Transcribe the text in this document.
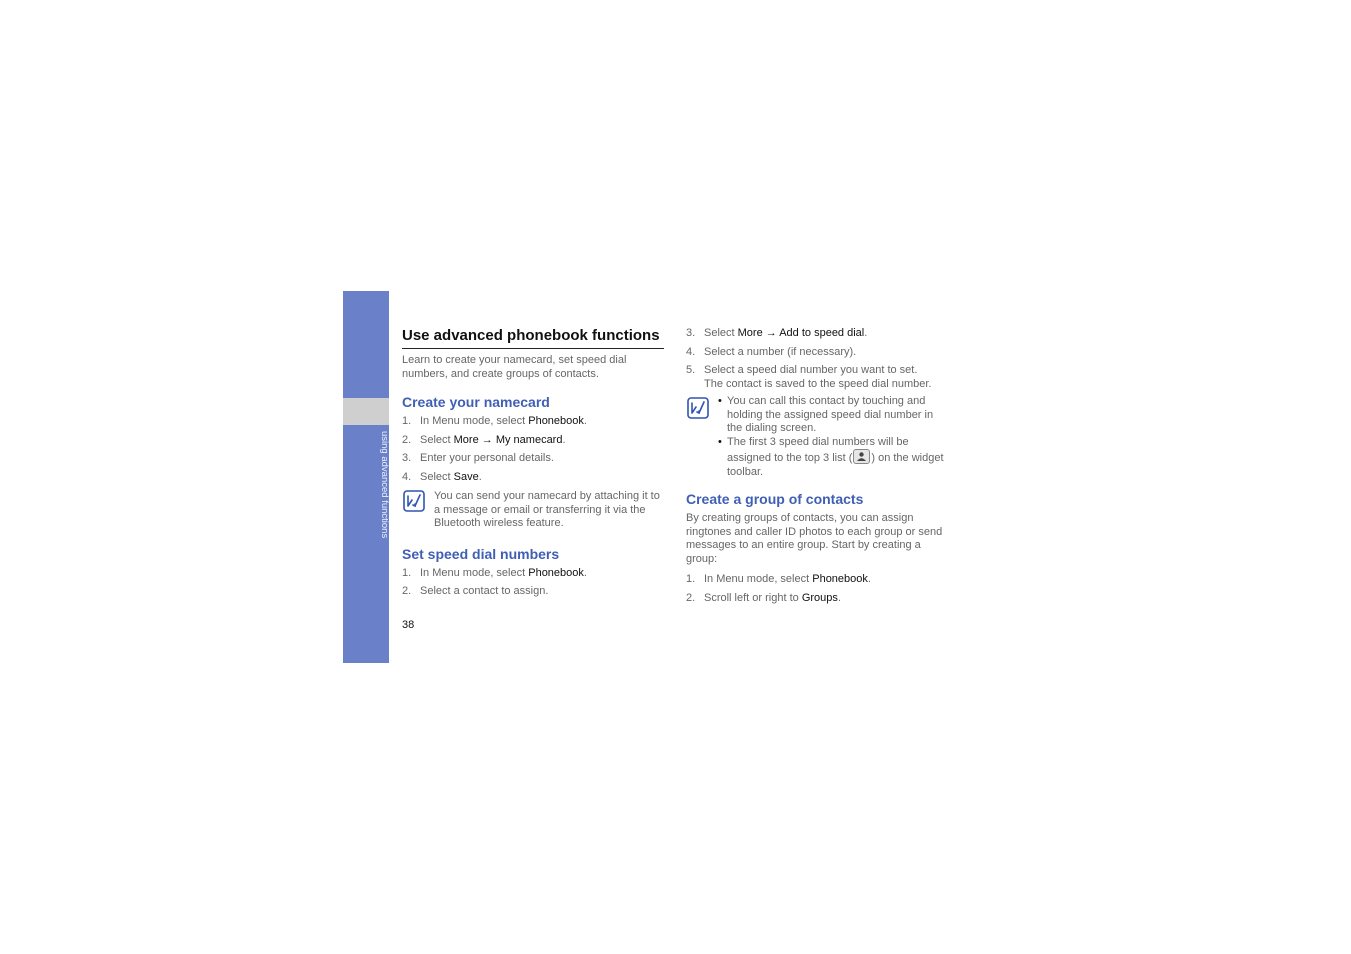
using advanced functions
Use advanced phonebook functions

Learn to create your namecard, set speed dial numbers, and create groups of contacts.

Create your namecard
1. In Menu mode, select Phonebook.
2. Select More → My namecard.
3. Enter your personal details.
4. Select Save.
You can send your namecard by attaching it to a message or email or transferring it via the Bluetooth wireless feature.
Set speed dial numbers
1. In Menu mode, select Phonebook.
2. Select a contact to assign.
38
3. Select More → Add to speed dial.
4. Select a number (if necessary).
5. Select a speed dial number you want to set.
The contact is saved to the speed dial number.
• You can call this contact by touching and holding the assigned speed dial number in the dialing screen.
• The first 3 speed dial numbers will be assigned to the top 3 list ( ) on the widget toolbar.
Create a group of contacts

By creating groups of contacts, you can assign ringtones and caller ID photos to each group or send messages to an entire group. Start by creating a group:

1. In Menu mode, select Phonebook.
2. Scroll left or right to Groups.
